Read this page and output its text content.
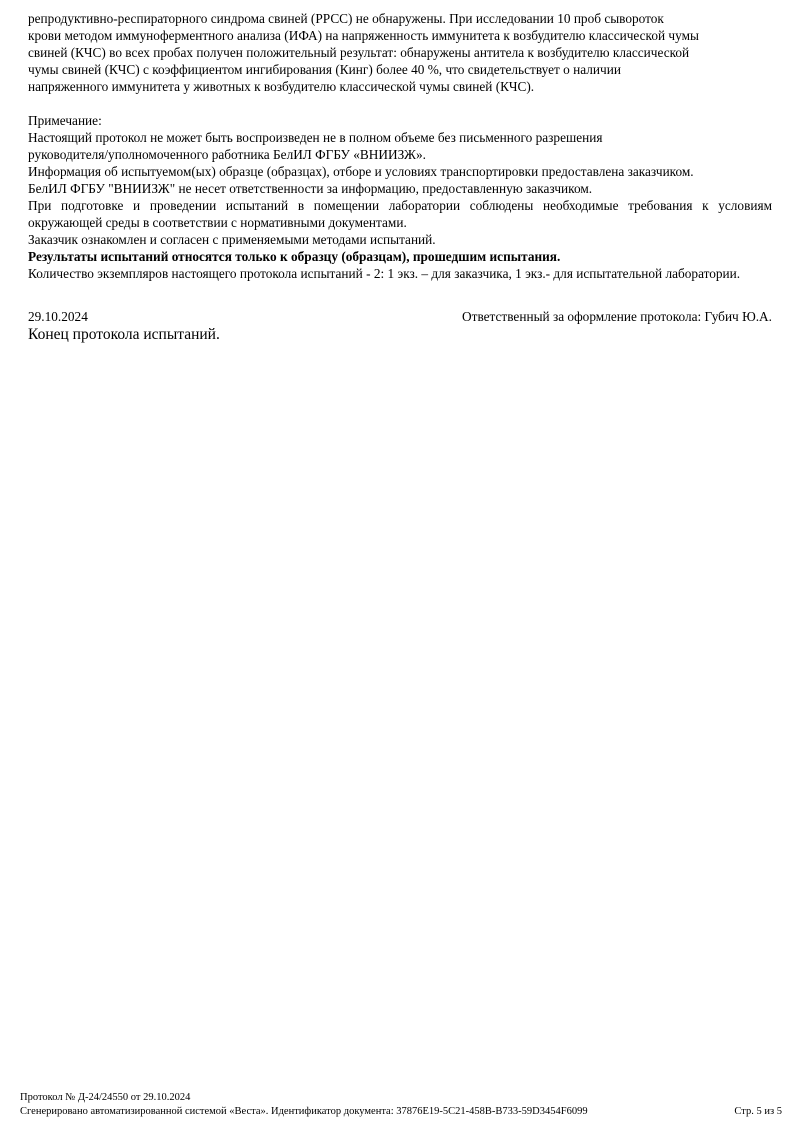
репродуктивно-респираторного синдрома свиней (РРСС) не обнаружены. При исследовании 10 проб сывороток

крови методом иммуноферментного анализа (ИФА) на напряженность иммунитета к возбудителю классической чумы

свиней (КЧС) во всех пробах получен положительный результат: обнаружены антитела к возбудителю классической

чумы свиней (КЧС) с коэффициентом ингибирования (Кинг) более 40 %, что свидетельствует о наличии

напряженного иммунитета у животных к возбудителю классической чумы свиней (КЧС).

Примечание:

Настоящий протокол не может быть воспроизведен не в полном объеме без письменного разрешения

руководителя/уполномоченного работника БелИЛ ФГБУ «ВНИИЗЖ».

Информация об испытуемом(ых) образце (образцах), отборе и условиях транспортировки предоставлена заказчиком.

БелИЛ ФГБУ "ВНИИЗЖ" не несет ответственности за информацию, предоставленную заказчиком.

При подготовке и проведении испытаний в помещении лаборатории соблюдены необходимые требования к условиям окружающей среды в соответствии с нормативными документами.

Заказчик ознакомлен и согласен с применяемыми методами испытаний.

Результаты испытаний относятся только к образцу (образцам), прошедшим испытания.

Количество экземпляров настоящего протокола испытаний - 2: 1 экз. – для заказчика, 1 экз.- для испытательной лаборатории.

29.10.2024	Ответственный за оформление протокола: Губич Ю.А.
Конец протокола испытаний.
Протокол № Д-24/24550 от 29.10.2024
Сгенерировано автоматизированной системой «Веста». Идентификатор документа: 37876E19-5C21-458B-B733-59D3454F6099	Стр. 5 из 5
